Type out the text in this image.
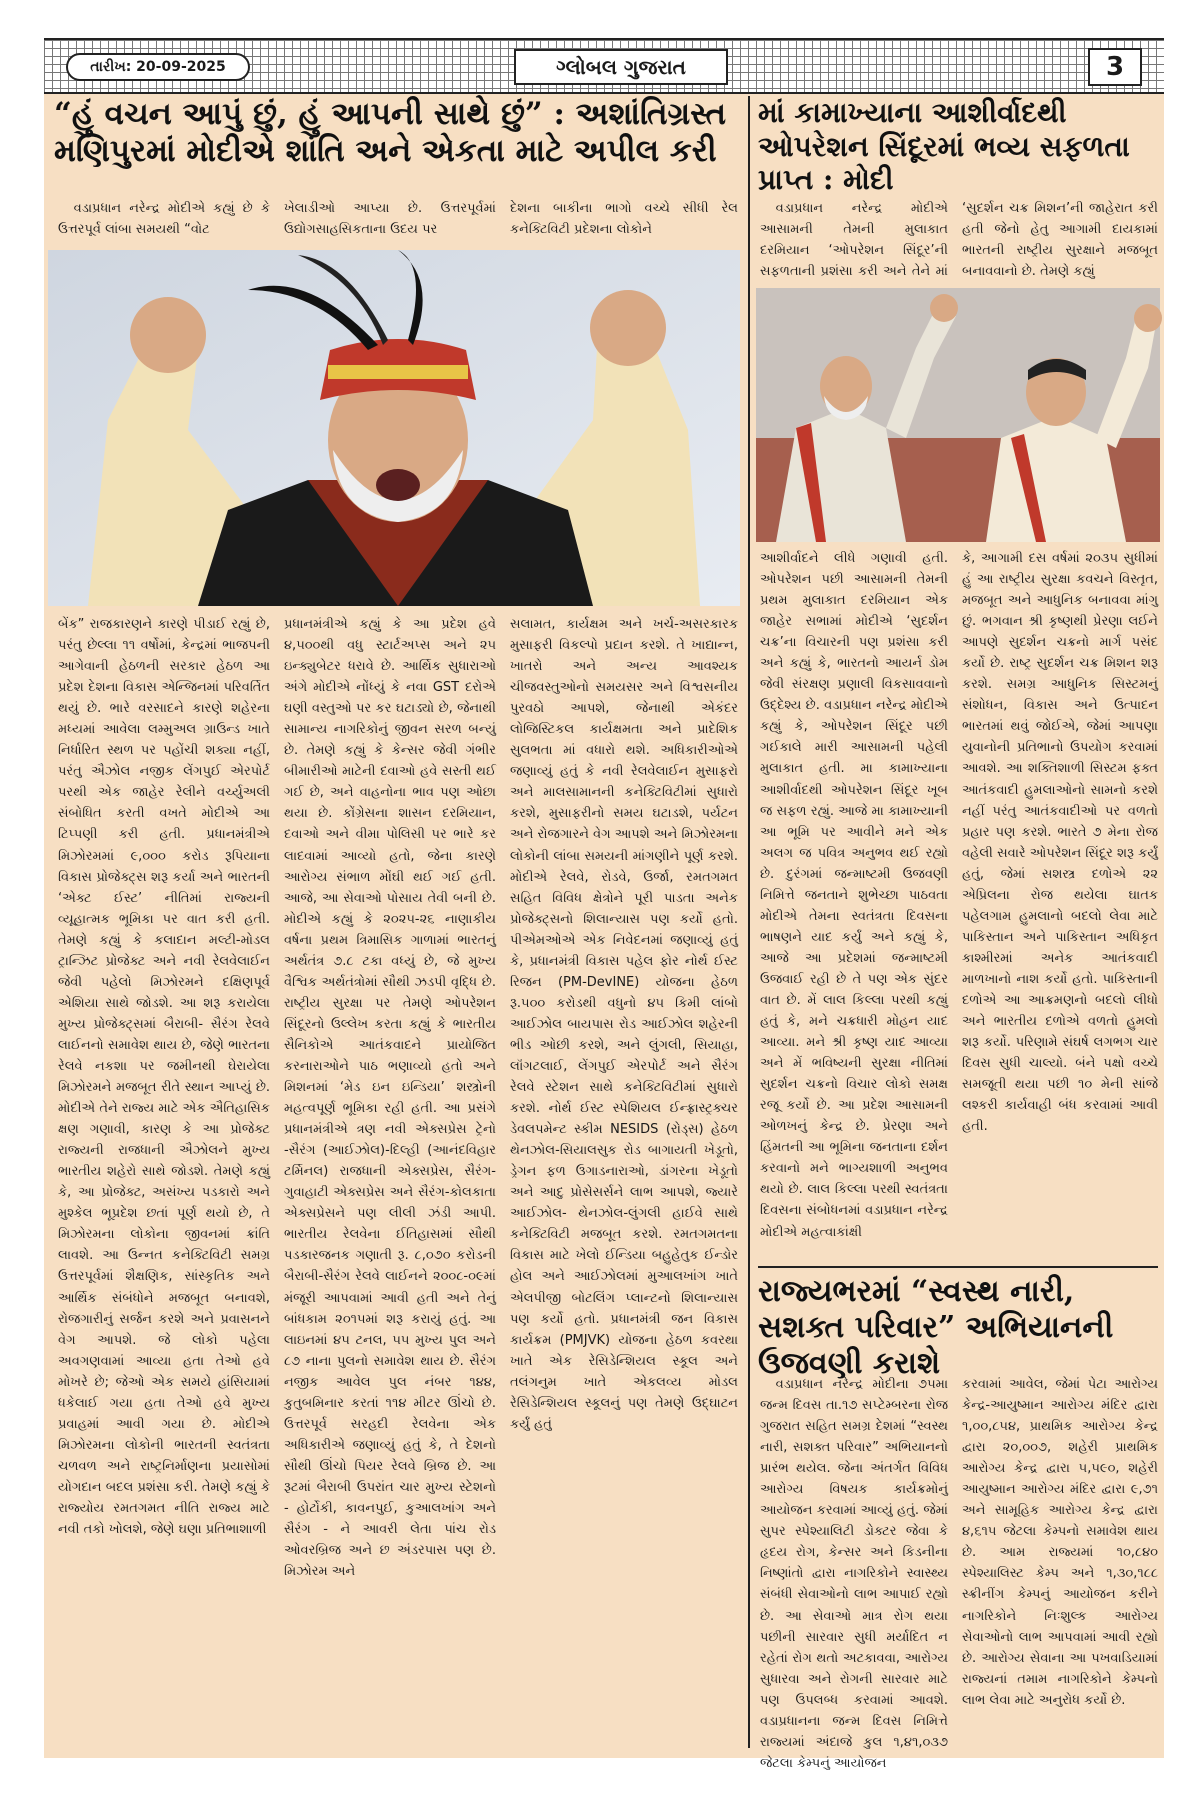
તારીખ: 20-09-2025	ગ્લોબલ ગુજરાત	3
“હું વચન આપું છું, હું આપની સાથે છું” : અશાંતિગ્રસ્ત મણિપુરમાં મોદીએ શાંતિ અને એકતા માટે અપીલ કરી
વડાપ્રધાન નરેન્દ્ર મોદીએ કહ્યું છે કે ઉત્તરપૂર્વ લાંબા સમયથી “વોટ
ખેલાડીઓ આપ્યા છે. ઉત્તરપૂર્વમાં ઉદ્યોગસાહસિકતાના ઉદય પર
દેશના બાકીના ભાગો વચ્ચે સીધી રેલ કનેક્ટિવિટી પ્રદેશના લોકોને
બેંક” રાજકારણને કારણે પીડાઈ રહ્યું છે, પરંતુ છેલ્લા ૧૧ વર્ષોમાં, કેન્દ્રમાં ભાજપની આગેવાની હેઠળની સરકાર હેઠળ આ પ્રદેશ દેશના વિકાસ એન્જિનમાં પરિવર્તિત થયું છે. ભારે વરસાદને કારણે શહેરના મધ્યમાં આવેલા લમ્મુઅલ ગ્રાઉન્ડ ખાતે નિર્ધારિત સ્થળ પર પહોંચી શક્યા નહીં, પરંતુ ઐઝોલ નજીક લેંગપુઈ એરપોર્ટ પરથી એક જાહેર રેલીને વર્ચ્યુઅલી સંબોધિત કરતી વખતે મોદીએ આ ટિપ્પણી કરી હતી. પ્રધાનમંત્રીએ મિઝોરમમાં ૯,૦૦૦ કરોડ રૂપિયાના વિકાસ પ્રોજેક્ટ્સ શરૂ કર્યા અને ભારતની ‘એક્ટ ઈસ્ટ’ નીતિમાં રાજ્યની વ્યૂહાત્મક ભૂમિકા પર વાત કરી હતી. તેમણે કહ્યું કે કલાદાન મલ્ટી-મોડલ ટ્રાન્ઝિટ પ્રોજેક્ટ અને નવી રેલવેલાઈન જેવી પહેલો મિઝોરમને દક્ષિણપૂર્વ એશિયા સાથે જોડશે. આ શરૂ કરાયેલા મુખ્ય પ્રોજેક્ટ્સમાં બૈરાબી- સૈરંગ રેલવે લાઈનનો સમાવેશ થાય છે, જેણે ભારતના રેલવે નકશા પર જમીનથી ઘેરાયેલા મિઝોરમને મજબૂત રીતે સ્થાન આપ્યું છે. મોદીએ તેને રાજ્ય માટે એક ઐતિહાસિક ક્ષણ ગણાવી, કારણ કે આ પ્રોજેક્ટ રાજ્યની રાજધાની ઐઝોલને મુખ્ય ભારતીય શહેરો સાથે જોડશે. તેમણે કહ્યું કે, આ પ્રોજેક્ટ, અસંખ્ય પડકારો અને મુશ્કેલ ભૂપ્રદેશ છતાં પૂર્ણ થયો છે, તે મિઝોરમના લોકોના જીવનમાં ક્રાંતિ લાવશે. આ ઉન્નત કનેક્ટિવિટી સમગ્ર ઉત્તરપૂર્વમાં શૈક્ષણિક, સાંસ્કૃતિક અને આર્થિક સંબંધોને મજબૂત બનાવશે, રોજગારીનું સર્જન કરશે અને પ્રવાસનને વેગ આપશે. જે લોકો પહેલા અવગણવામાં આવ્યા હતા તેઓ હવે મોખરે છે; જેઓ એક સમયે હાંસિયામાં ધકેલાઈ ગયા હતા તેઓ હવે મુખ્ય પ્રવાહમાં આવી ગયા છે. મોદીએ મિઝોરમના લોકોની ભારતની સ્વતંત્રતા ચળવળ અને રાષ્ટ્રનિર્માણના પ્રયાસોમાં યોગદાન બદલ પ્રશંસા કરી. તેમણે કહ્યું કે રાજ્યોય રમતગમત નીતિ રાજ્ય માટે નવી તકો ખોલશે, જેણે ઘણા પ્રતિભાશાળી
પ્રધાનમંત્રીએ કહ્યું કે આ પ્રદેશ હવે ૪,૫૦૦થી વધુ સ્ટાર્ટઅપ્સ અને ૨૫ ઇન્ક્યુબેટર ધરાવે છે. આર્થિક સુધારાઓ અંગે મોદીએ નોંધ્યું કે નવા GST દરોએ ઘણી વસ્તુઓ પર કર ઘટાડ્યો છે, જેનાથી સામાન્ય નાગરિકોનું જીવન સરળ બન્યું છે. તેમણે કહ્યું કે કેન્સર જેવી ગંભીર બીમારીઓ માટેની દવાઓ હવે સસ્તી થઈ ગઈ છે, અને વાહનોના ભાવ પણ ઓછા થયા છે. કોંગ્રેસના શાસન દરમિયાન, દવાઓ અને વીમા પોલિસી પર ભારે કર લાદવામાં આવ્યો હતો, જેના કારણે આરોગ્ય સંભાળ મોંઘી થઈ ગઈ હતી. આજે, આ સેવાઓ પોસાય તેવી બની છે. મોદીએ કહ્યું કે ૨૦૨૫-૨૬ નાણાકીય વર્ષના પ્રથમ ત્રિમાસિક ગાળામાં ભારતનું અર્થતંત્ર ૭.૮ ટકા વધ્યું છે, જે મુખ્ય વૈશ્વિક અર્થતંત્રોમાં સૌથી ઝડપી વૃદ્ધિ છે. રાષ્ટ્રીય સુરક્ષા પર તેમણે ઓપરેશન સિંદૂરનો ઉલ્લેખ કરતા કહ્યું કે ભારતીય સૈનિકોએ આતંકવાદને પ્રાયોજિત કરનારાઓને પાઠ ભણાવ્યો હતો અને મિશનમાં ‘મેડ ઇન ઇન્ડિયા’ શસ્ત્રોની મહત્વપૂર્ણ ભૂમિકા રહી હતી. આ પ્રસંગે પ્રધાનમંત્રીએ ત્રણ નવી એક્સપ્રેસ ટ્રેનો -સૈરંગ (આઈઝોલ)-દિલ્હી (આનંદવિહાર ટર્મિનલ) રાજધાની એક્સપ્રેસ, સૈરંગ-ગુવાહાટી એક્સપ્રેસ અને સૈરંગ-કોલકાતા એક્સપ્રેસને પણ લીલી ઝંડી આપી. ભારતીય રેલવેના ઈતિહાસમાં સૌથી પડકારજનક ગણાતી રૂ. ૮,૦૭૦ કરોડની બૈરાબી-સૈરંગ રેલવે લાઈનને ૨૦૦૮-૦૯માં મંજૂરી આપવામાં આવી હતી અને તેનું બાંધકામ ૨૦૧૫માં શરૂ કરાયું હતું. આ લાઇનમાં ૪૫ ટનલ, ૫૫ મુખ્ય પુલ અને ૮૭ નાના પુલનો સમાવેશ થાય છે. સૈરંગ નજીક આવેલ પુલ નંબર ૧૪૪, કુતુબમિનાર કરતાં ૧૧૪ મીટર ઊંચો છે. ઉત્તરપૂર્વ સરહદી રેલવેના એક અધિકારીએ જણાવ્યું હતું કે, તે દેશનો સૌથી ઊંચો પિયર રેલવે બ્રિજ છે. આ રૂટમાં બૈરાબી ઉપરાંત ચાર મુખ્ય સ્ટેશનો - હોર્ટોકી, કાવનપુઈ, કુઆલખાંગ અને સૈરંગ - ને આવરી લેતા પાંચ રોડ ઓવરબ્રિજ અને છ અંડરપાસ પણ છે. મિઝોરમ અને
સલામત, કાર્યક્ષમ અને ખર્ચ-અસરકારક મુસાફરી વિકલ્પો પ્રદાન કરશે. તે ખાદ્યાન્ન, ખાતરો અને અન્ય આવશ્યક ચીજવસ્તુઓનો સમયસર અને વિશ્વસનીય પુરવઠો આપશે, જેનાથી એકંદર લોજિસ્ટિકલ કાર્યક્ષમતા અને પ્રાદેશિક સુલભતા માં વધારો થશે. અધિકારીઓએ જણાવ્યું હતું કે નવી રેલવેલાઈન મુસાફરો અને માલસામાનની કનેક્ટિવિટીમાં સુધારો કરશે, મુસાફરીનો સમય ઘટાડશે, પર્યટન અને રોજગારને વેગ આપશે અને મિઝોરમના લોકોની લાંબા સમયની માંગણીને પૂર્ણ કરશે. મોદીએ રેલવે, રોડવે, ઉર્જા, રમતગમત સહિત વિવિધ ક્ષેત્રોને પૂરી પાડતા અનેક પ્રોજેક્ટ્સનો શિલાન્યાસ પણ કર્યો હતો. પીએમઓએ એક નિવેદનમાં જણાવ્યું હતું કે, પ્રધાનમંત્રી વિકાસ પહેલ ફોર નોર્થ ઈસ્ટ રિજન (PM-DevINE) યોજના હેઠળ રૂ.૫૦૦ કરોડથી વધુનો ૪૫ કિમી લાંબો આઈઝોલ બાયપાસ રોડ આઈઝોલ શહેરની ભીડ ઓછી કરશે, અને લુંગલી, સિયાહા, લૉંગટલાઈ, લેંગપુઈ એરપોર્ટ અને સૈરંગ રેલવે સ્ટેશન સાથે કનેક્ટિવિટીમાં સુધારો કરશે. નોર્થ ઈસ્ટ સ્પેશિયલ ઈન્ફ્રાસ્ટ્રક્ચર ડેવલપમેન્ટ સ્કીમ NESIDS (રોડ્સ) હેઠળ થેનઝોલ-સિયાલસુક રોડ બાગાયતી ખેડૂતો, ડ્રેગન ફળ ઉગાડનારાઓ, ડાંગરના ખેડૂતો અને આદુ પ્રોસેસર્સને લાભ આપશે, જ્યારે આઈઝોલ- થેનઝોલ-લુંગલી હાઈવે સાથે કનેક્ટિવિટી મજબૂત કરશે. રમતગમતના વિકાસ માટે ખેલો ઈન્ડિયા બહુહેતુક ઈન્ડોર હોલ અને આઈઝોલમાં મુઆલખાંગ ખાતે એલપીજી બોટલિંગ પ્લાન્ટનો શિલાન્યાસ પણ કર્યો હતો. પ્રધાનમંત્રી જન વિકાસ કાર્યક્રમ (PMJVK) યોજના હેઠળ કવરથા ખાતે એક રેસિડેન્શિયલ સ્કૂલ અને તલંગનુમ ખાતે એકલવ્ય મોડલ રેસિડેન્શિયલ સ્કૂલનું પણ તેમણે ઉદ્ઘાટન કર્યું હતું
માં કામાખ્યાના આશીર્વાદથી ઓપરેશન સિંદૂરમાં ભવ્ય સફળતા પ્રાપ્ત : મોદી
વડાપ્રધાન નરેન્દ્ર મોદીએ આસામની તેમની મુલાકાત દરમિયાન ‘ઓપરેશન સિંદૂર’ની સફળતાની પ્રશંસા કરી અને તેને માં
‘સુદર્શન ચક્ર મિશન’ની જાહેરાત કરી હતી જેનો હેતુ આગામી દાયકામાં ભારતની રાષ્ટ્રીય સુરક્ષાને મજબૂત બનાવવાનો છે. તેમણે કહ્યું
આશીર્વાદને લીધે ગણાવી હતી. ઓપરેશન પછી આસામની તેમની પ્રથમ મુલાકાત દરમિયાન એક જાહેર સભામાં મોદીએ ‘સુદર્શન ચક્ર’ના વિચારની પણ પ્રશંસા કરી અને કહ્યું કે, ભારતનો આયર્ન ડોમ જેવી સંરક્ષણ પ્રણાલી વિકસાવવાનો ઉદ્દેશ્ય છે. વડાપ્રધાન નરેન્દ્ર મોદીએ કહ્યું કે, ઓપરેશન સિંદૂર પછી ગઈકાલે મારી આસામની પહેલી મુલાકાત હતી. મા કામાખ્યાના આશીર્વાદથી ઓપરેશન સિંદૂર ખૂબ જ સફળ રહ્યું. આજે મા કામાખ્યાની આ ભૂમિ પર આવીને મને એક અલગ જ પવિત્ર અનુભવ થઈ રહ્યો છે. દુરંગમાં જન્માષ્ટમી ઉજવણી નિમિત્તે જનતાને શુભેચ્છા પાઠવતા મોદીએ તેમના સ્વતંત્રતા દિવસના ભાષણને યાદ કર્યું અને કહ્યું કે, આજે આ પ્રદેશમાં જન્માષ્ટમી ઉજવાઈ રહી છે તે પણ એક સુંદર વાત છે. મેં લાલ કિલ્લા પરથી કહ્યું હતું કે, મને ચક્રધારી મોહન યાદ આવ્યા. મને શ્રી કૃષ્ણ યાદ આવ્યા અને મેં ભવિષ્યની સુરક્ષા નીતિમાં સુદર્શન ચક્રનો વિચાર લોકો સમક્ષ રજૂ કર્યો છે. આ પ્રદેશ આસામની ઓળખનું કેન્દ્ર છે. પ્રેરણા અને હિંમતની આ ભૂમિના જનતાના દર્શન કરવાનો મને ભાગ્યશાળી અનુભવ થયો છે. લાલ કિલ્લા પરથી સ્વતંત્રતા દિવસના સંબોધનમાં વડાપ્રધાન નરેન્દ્ર મોદીએ મહત્વાકાંક્ષી
કે, આગામી દસ વર્ષમાં ૨૦૩૫ સુધીમાં હું આ રાષ્ટ્રીય સુરક્ષા કવચને વિસ્તૃત, મજબૂત અને આધુનિક બનાવવા માંગુ છું. ભગવાન શ્રી કૃષ્ણથી પ્રેરણા લઈને આપણે સુદર્શન ચક્રનો માર્ગ પસંદ કર્યો છે. રાષ્ટ્ર સુદર્શન ચક્ર મિશન શરૂ કરશે. સમગ્ર આધુનિક સિસ્ટમનું સંશોધન, વિકાસ અને ઉત્પાદન ભારતમાં થવું જોઈએ, જેમાં આપણા યુવાનોની પ્રતિભાનો ઉપયોગ કરવામાં આવશે. આ શક્તિશાળી સિસ્ટમ ફક્ત આતંકવાદી હુમલાઓનો સામનો કરશે નહીં પરંતુ આતંકવાદીઓ પર વળતો પ્રહાર પણ કરશે. ભારતે ૭ મેના રોજ વહેલી સવારે ઓપરેશન સિંદૂર શરૂ કર્યું હતું, જેમાં સશસ્ત્ર દળોએ ૨૨ એપ્રિલના રોજ થયેલા ઘાતક પહેલગામ હુમલાનો બદલો લેવા માટે પાકિસ્તાન અને પાકિસ્તાન અધિકૃત કાશ્મીરમાં અનેક આતંકવાદી માળખાનો નાશ કર્યો હતો. પાકિસ્તાની દળોએ આ આક્રમણનો બદલો લીધો અને ભારતીય દળોએ વળતો હુમલો શરૂ કર્યો. પરિણામે સંઘર્ષ લગભગ ચાર દિવસ સુધી ચાલ્યો. બંને પક્ષો વચ્ચે સમજૂતી થયા પછી ૧૦ મેની સાંજે લશ્કરી કાર્યવાહી બંધ કરવામાં આવી હતી.
રાજ્યભરમાં “સ્વસ્થ નારી, સશક્ત પરિવાર” અભિયાનની ઉજવણી કરાશે
વડાપ્રધાન નરેન્દ્ર મોદીના ૭૫મા જન્મ દિવસ તા.૧૭ સપ્ટેમ્બરના રોજ ગુજરાત સહિત સમગ્ર દેશમાં “સ્વસ્થ નારી, સશક્ત પરિવાર” અભિયાનનો પ્રારંભ થયેલ. જેના અંતર્ગત વિવિધ આરોગ્ય વિષયક કાર્યક્રમોનું આયોજન કરવામાં આવ્યું હતું. જેમાં સુપર સ્પેશ્યાલિટી ડોક્ટર જેવા કે હૃદય રોગ, કેન્સર અને કિડનીના નિષ્ણાંતો દ્વારા નાગરિકોને સ્વાસ્થ્ય સંબંધી સેવાઓનો લાભ આપાઈ રહ્યો છે. આ સેવાઓ માત્ર રોગ થયા પછીની સારવાર સુધી મર્યાદિત ન રહેતાં રોગ થતો અટકાવવા, આરોગ્ય સુધારવા અને રોગની સારવાર માટે પણ ઉપલબ્ધ કરવામાં આવશે. વડાપ્રધાનના જન્મ દિવસ નિમિત્તે રાજ્યમાં અંદાજે કુલ ૧,૪૧,૦૩૭ જેટલા કેમ્પનું આયોજન
કરવામાં આવેલ, જેમાં પેટા આરોગ્ય કેન્દ્ર-આયુષ્માન આરોગ્ય મંદિર દ્વારા ૧,૦૦,૮૫૪, પ્રાથમિક આરોગ્ય કેન્દ્ર દ્વારા ૨૦,૦૦૭, શહેરી પ્રાથમિક આરોગ્ય કેન્દ્ર દ્વારા ૫,૫૯૦, શહેરી આયુષ્માન આરોગ્ય મંદિર દ્વારા ૯,૭૧ અને સામૂહિક આરોગ્ય કેન્દ્ર દ્વારા ૪,૬૧૫ જેટલા કેમ્પનો સમાવેશ થાય છે. આમ રાજ્યમાં ૧૦,૮૪૦ સ્પેશ્યાલિસ્ટ કેમ્પ અને ૧,૩૦,૧૮૮ સ્ક્રીનીંગ કેમ્પનું આયોજન કરીને નાગરિકોને નિઃશુલ્ક આરોગ્ય સેવાઓનો લાભ આપવામાં આવી રહ્યો છે. આરોગ્ય સેવાના આ પખવાડિયામાં રાજ્યનાં તમામ નાગરિકોને કેમ્પનો લાભ લેવા માટે અનુરોધ કર્યો છે.
